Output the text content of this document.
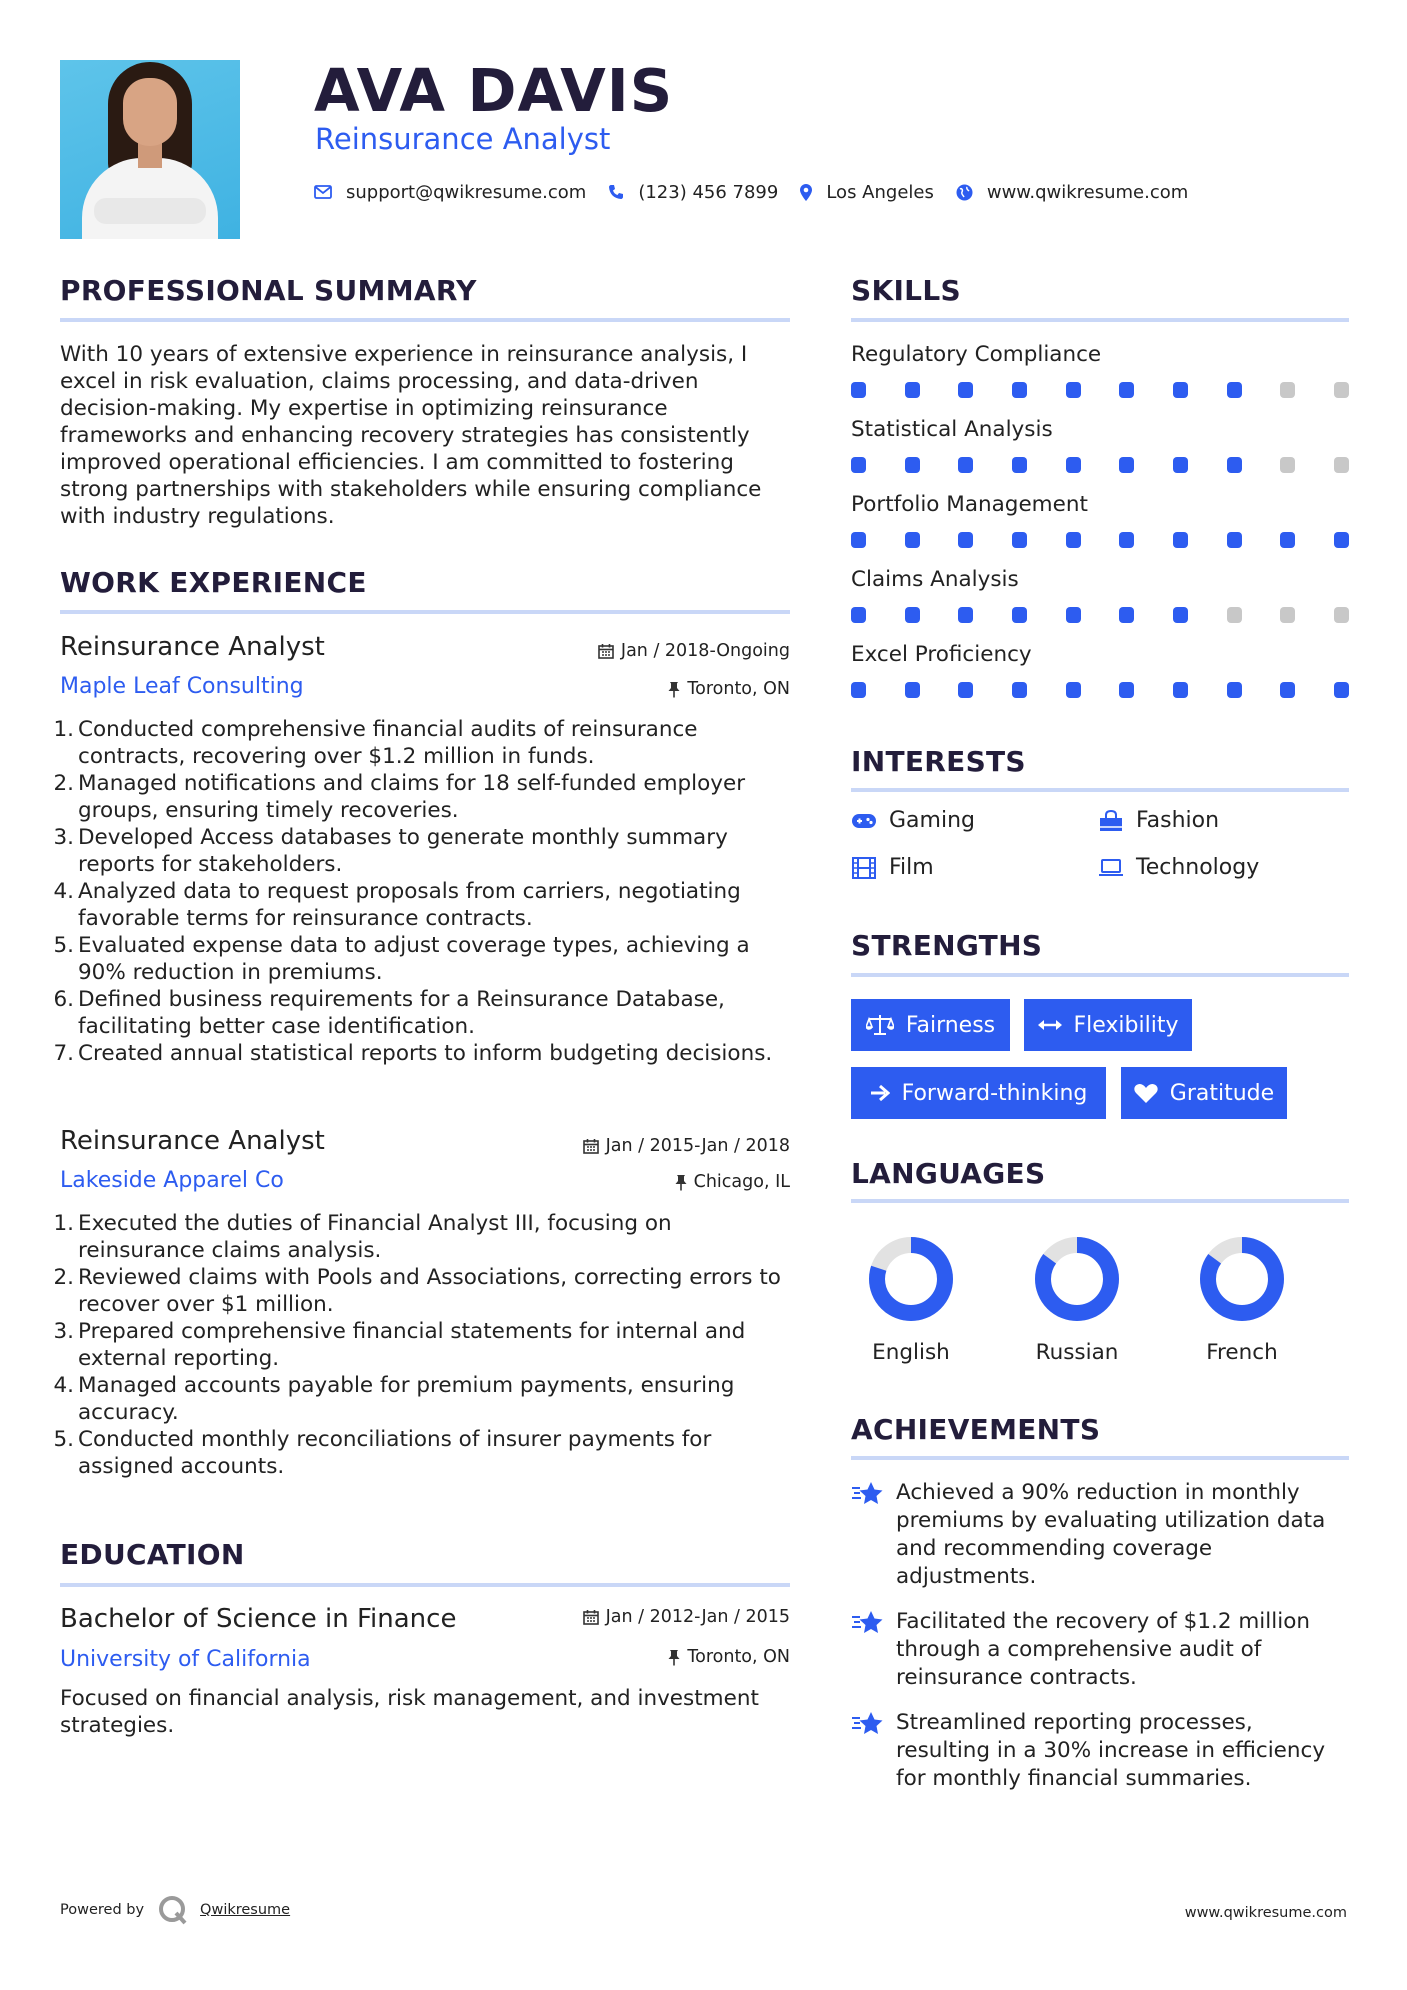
AVA DAVIS
Reinsurance Analyst
support@qwikresume.com	(123) 456 7899	Los Angeles	www.qwikresume.com
PROFESSIONAL SUMMARY
With 10 years of extensive experience in reinsurance analysis, I excel in risk evaluation, claims processing, and data-driven decision-making. My expertise in optimizing reinsurance frameworks and enhancing recovery strategies has consistently improved operational efficiencies. I am committed to fostering strong partnerships with stakeholders while ensuring compliance with industry regulations.
WORK EXPERIENCE
Reinsurance Analyst	Jan / 2018-Ongoing
Maple Leaf Consulting	Toronto, ON
1. Conducted comprehensive financial audits of reinsurance contracts, recovering over $1.2 million in funds.
2. Managed notifications and claims for 18 self-funded employer groups, ensuring timely recoveries.
3. Developed Access databases to generate monthly summary reports for stakeholders.
4. Analyzed data to request proposals from carriers, negotiating favorable terms for reinsurance contracts.
5. Evaluated expense data to adjust coverage types, achieving a 90% reduction in premiums.
6. Defined business requirements for a Reinsurance Database, facilitating better case identification.
7. Created annual statistical reports to inform budgeting decisions.
Reinsurance Analyst	Jan / 2015-Jan / 2018
Lakeside Apparel Co	Chicago, IL
1. Executed the duties of Financial Analyst III, focusing on reinsurance claims analysis.
2. Reviewed claims with Pools and Associations, correcting errors to recover over $1 million.
3. Prepared comprehensive financial statements for internal and external reporting.
4. Managed accounts payable for premium payments, ensuring accuracy.
5. Conducted monthly reconciliations of insurer payments for assigned accounts.
EDUCATION
Bachelor of Science in Finance	Jan / 2012-Jan / 2015
University of California	Toronto, ON
Focused on financial analysis, risk management, and investment strategies.
SKILLS
Regulatory Compliance
Statistical Analysis
Portfolio Management
Claims Analysis
Excel Proficiency
INTERESTS
Gaming	Fashion
Film	Technology
STRENGTHS
Fairness	Flexibility
Forward-thinking	Gratitude
LANGUAGES
English	Russian	French
ACHIEVEMENTS
Achieved a 90% reduction in monthly premiums by evaluating utilization data and recommending coverage adjustments.
Facilitated the recovery of $1.2 million through a comprehensive audit of reinsurance contracts.
Streamlined reporting processes, resulting in a 30% increase in efficiency for monthly financial summaries.
Powered by	Qwikresume	www.qwikresume.com
